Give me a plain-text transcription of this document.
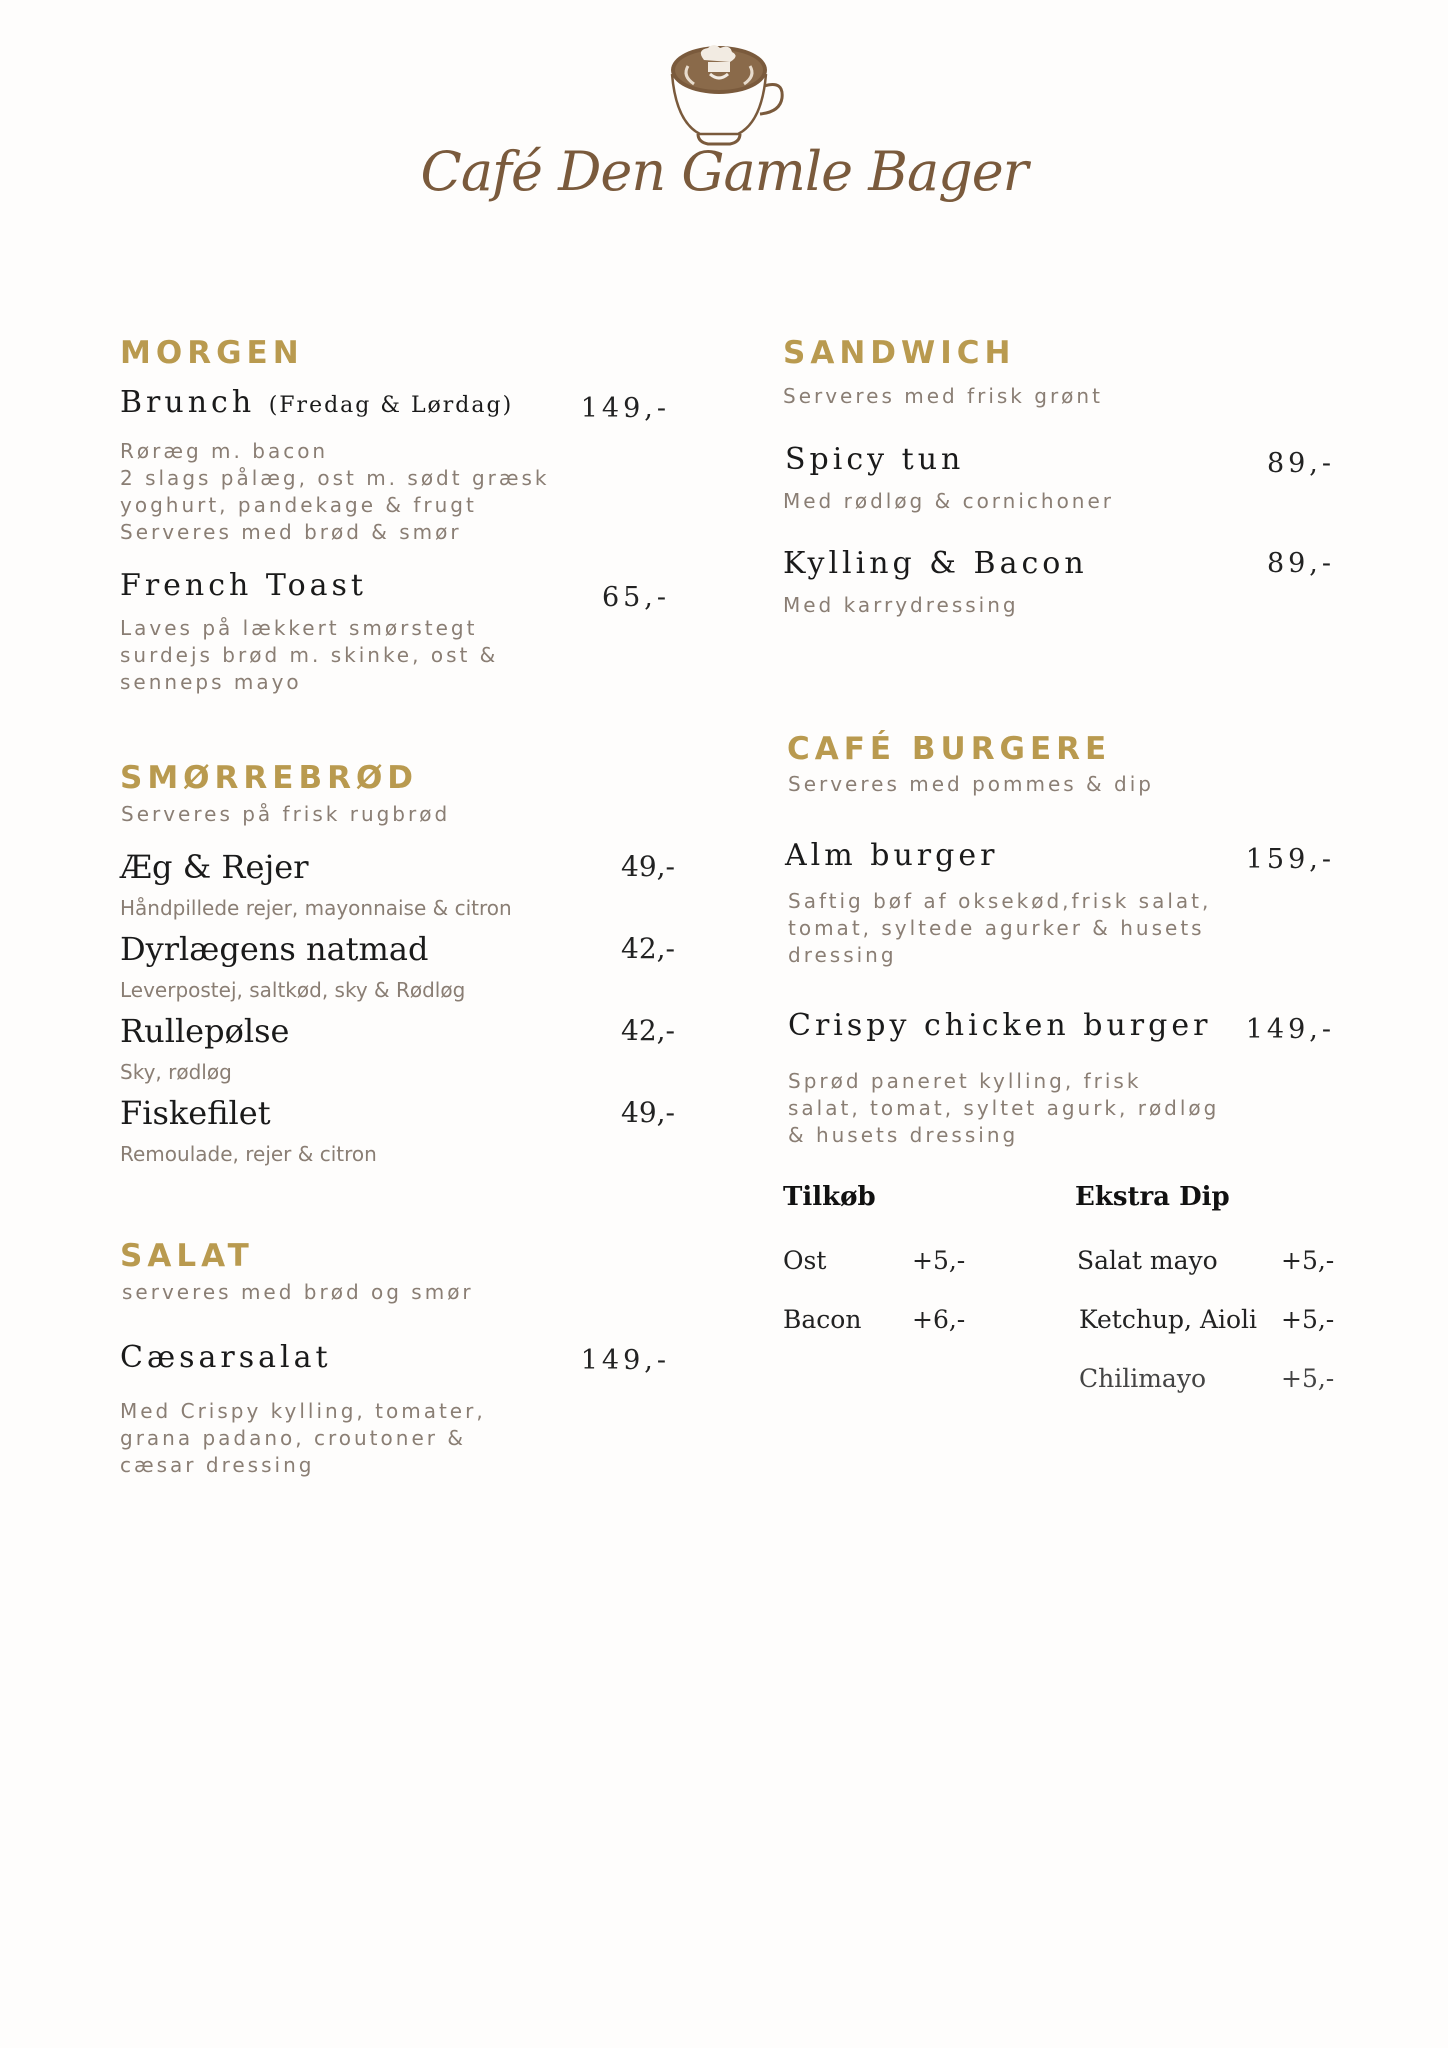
Café Den Gamle Bager
MORGEN
Brunch (Fredag & Lørdag)	149,-
Røræg m. bacon
2 slags pålæg, ost m. sødt græsk
yoghurt, pandekage & frugt
Serveres med brød & smør
French Toast	65,-
Laves på lækkert smørstegt
surdejs brød m. skinke, ost &
senneps mayo
SMØRREBRØD
Serveres på frisk rugbrød
Æg & Rejer	49,-
Håndpillede rejer, mayonnaise & citron
Dyrlægens natmad	42,-
Leverpostej, saltkød, sky & Rødløg
Rullepølse	42,-
Sky, rødløg
Fiskefilet	49,-
Remoulade, rejer & citron
SALAT
serveres med brød og smør
Cæsarsalat	149,-
Med Crispy kylling, tomater,
grana padano, croutoner &
cæsar dressing
SANDWICH
Serveres med frisk grønt
Spicy tun	89,-
Med rødløg & cornichoner
Kylling & Bacon	89,-
Med karrydressing
CAFÉ BURGERE
Serveres med pommes & dip
Alm burger	159,-
Saftig bøf af oksekød,frisk salat,
tomat, syltede agurker & husets
dressing
Crispy chicken burger	149,-
Sprød paneret kylling, frisk
salat, tomat, syltet agurk, rødløg
& husets dressing
Tilkøb
Ost	+5,-
Bacon +6,-
Ekstra Dip
Salat mayo	+5,-
Ketchup, Aioli +5,-
Chilimayo	+5,-
